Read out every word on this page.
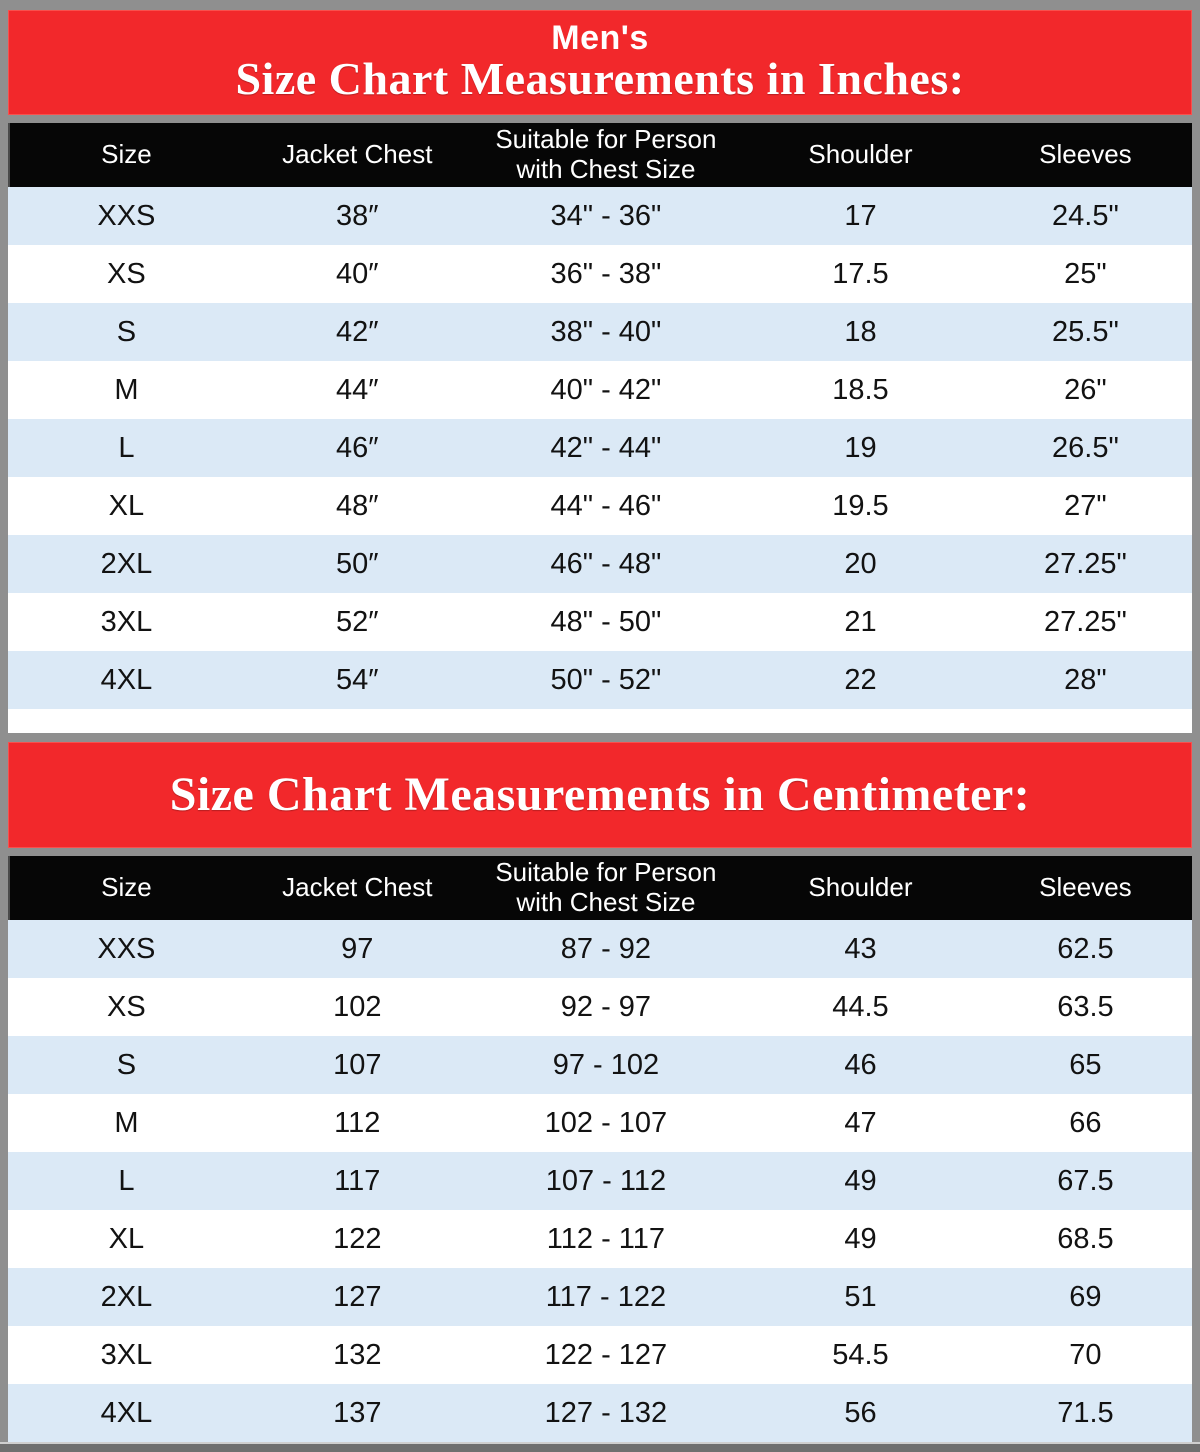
Men's
Size Chart Measurements in Inches:
Size	Jacket Chest	Suitable for Person with Chest Size	Shoulder	Sleeves
XXS	38″	34" - 36"	17	24.5"
XS	40″	36" - 38"	17.5	25"
S	42″	38" - 40"	18	25.5"
M	44″	40" - 42"	18.5	26"
L	46″	42" - 44"	19	26.5"
XL	48″	44" - 46"	19.5	27"
2XL	50″	46" - 48"	20	27.25"
3XL	52″	48" - 50"	21	27.25"
4XL	54″	50" - 52"	22	28"
Size Chart Measurements in Centimeter:
Size	Jacket Chest	Suitable for Person with Chest Size	Shoulder	Sleeves
XXS	97	87 - 92	43	62.5
XS	102	92 - 97	44.5	63.5
S	107	97 - 102	46	65
M	112	102 - 107	47	66
L	117	107 - 112	49	67.5
XL	122	112 - 117	49	68.5
2XL	127	117 - 122	51	69
3XL	132	122 - 127	54.5	70
4XL	137	127 - 132	56	71.5
